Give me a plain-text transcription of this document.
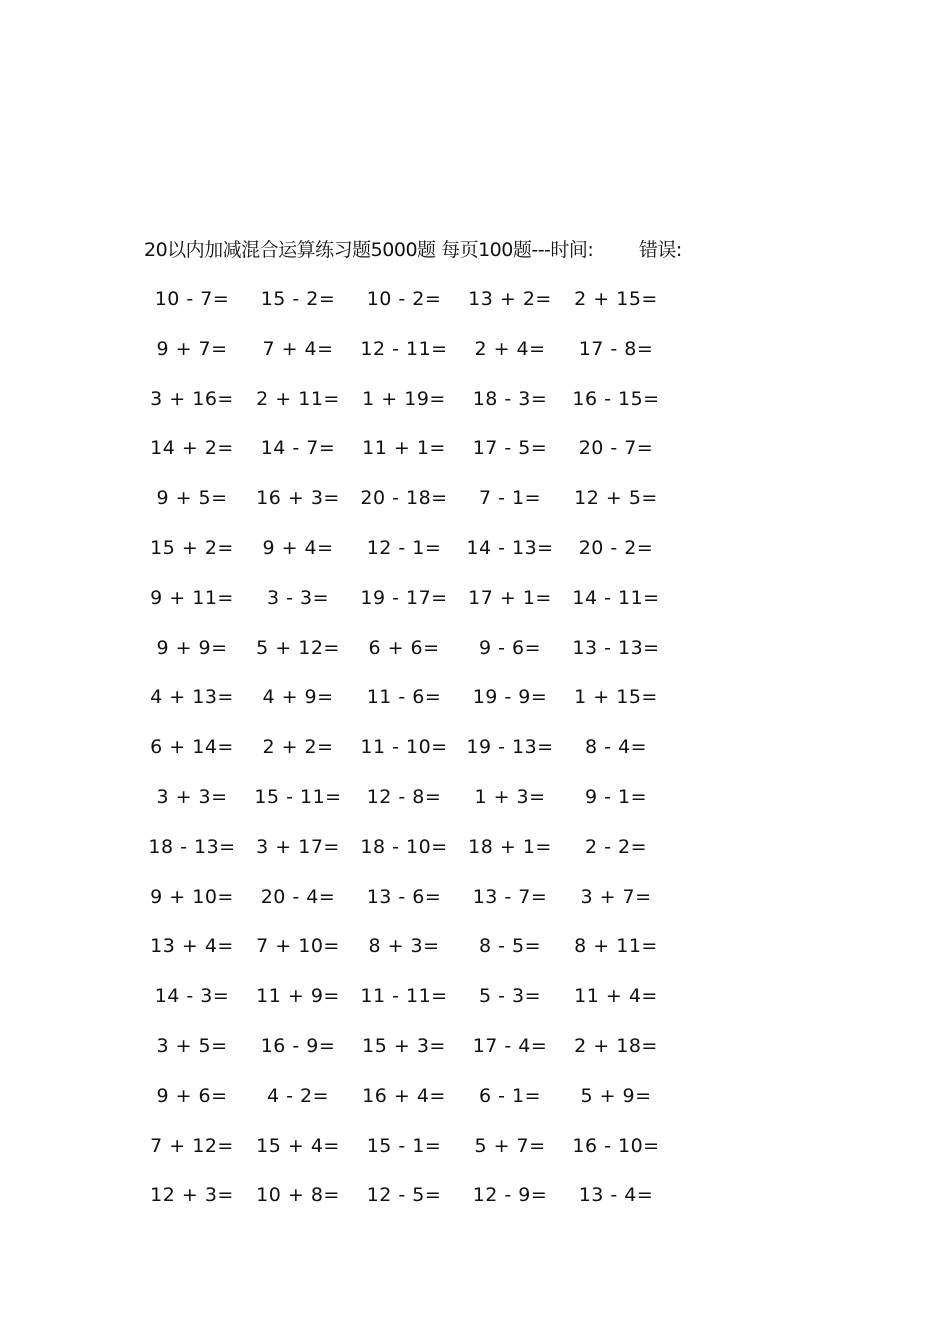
20以内加减混合运算练习题5000题 每页100题---时间: 错误:
10 - 7=	15 - 2=	10 - 2=	13 + 2=	2 + 15=
9 + 7=	7 + 4=	12 - 11=	2 + 4=	17 - 8=
3 + 16=	2 + 11=	1 + 19=	18 - 3=	16 - 15=
14 + 2=	14 - 7=	11 + 1=	17 - 5=	20 - 7=
9 + 5=	16 + 3=	20 - 18=	7 - 1=	12 + 5=
15 + 2=	9 + 4=	12 - 1=	14 - 13=	20 - 2=
9 + 11=	3 - 3=	19 - 17=	17 + 1=	14 - 11=
9 + 9=	5 + 12=	6 + 6=	9 - 6=	13 - 13=
4 + 13=	4 + 9=	11 - 6=	19 - 9=	1 + 15=
6 + 14=	2 + 2=	11 - 10= 19 - 13=	8 - 4=
3 + 3=	15 - 11=	12 - 8=	1 + 3=	9 - 1=
18 - 13=	3 + 17=	18 - 10=	18 + 1=	2 - 2=
9 + 10=	20 - 4=	13 - 6=	13 - 7=	3 + 7=
13 + 4=	7 + 10=	8 + 3=	8 - 5=	8 + 11=
14 - 3=	11 + 9=	11 - 11=	5 - 3=	11 + 4=
3 + 5=	16 - 9=	15 + 3=	17 - 4=	2 + 18=
9 + 6=	4 - 2=	16 + 4=	6 - 1=	5 + 9=
7 + 12=	15 + 4=	15 - 1=	5 + 7=	16 - 10=
12 + 3=	10 + 8=	12 - 5=	12 - 9=	13 - 4=
